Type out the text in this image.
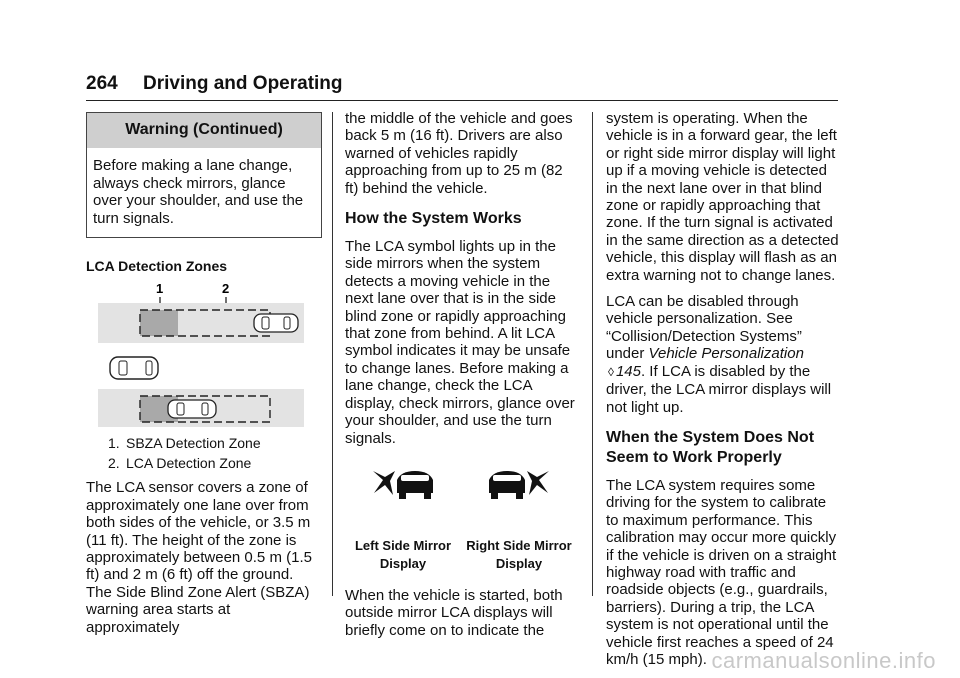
264 Driving and Operating
Warning (Continued)
Before making a lane change, always check mirrors, glance over your shoulder, and use the turn signals.
LCA Detection Zones
1	2
1. SBZA Detection Zone
2. LCA Detection Zone

The LCA sensor covers a zone of approximately one lane over from both sides of the vehicle, or 3.5 m (11 ft). The height of the zone is approximately between 0.5 m (1.5 ft) and 2 m (6 ft) off the ground. The Side Blind Zone Alert (SBZA) warning area starts at approximately

the middle of the vehicle and goes back 5 m (16 ft). Drivers are also warned of vehicles rapidly approaching from up to 25 m (82 ft) behind the vehicle.

How the System Works

The LCA symbol lights up in the side mirrors when the system detects a moving vehicle in the next lane over that is in the side blind zone or rapidly approaching that zone from behind. A lit LCA symbol indicates it may be unsafe to change lanes. Before making a lane change, check the LCA display, check mirrors, glance over your shoulder, and use the turn signals.

Left Side Mirror
Display
Right Side Mirror
Display

When the vehicle is started, both outside mirror LCA displays will briefly come on to indicate the

system is operating. When the vehicle is in a forward gear, the left or right side mirror display will light up if a moving vehicle is detected in the next lane over in that blind zone or rapidly approaching that zone. If the turn signal is activated in the same direction as a detected vehicle, this display will flash as an extra warning not to change lanes.

LCA can be disabled through vehicle personalization. See “Collision/Detection Systems” under Vehicle Personalization ◊ 145. If LCA is disabled by the driver, the LCA mirror displays will not light up.

When the System Does Not Seem to Work Properly

The LCA system requires some driving for the system to calibrate to maximum performance. This calibration may occur more quickly if the vehicle is driven on a straight highway road with traffic and roadside objects (e.g., guardrails, barriers). During a trip, the LCA system is not operational until the vehicle first reaches a speed of 24 km/h (15 mph). carmanualsonline.info
